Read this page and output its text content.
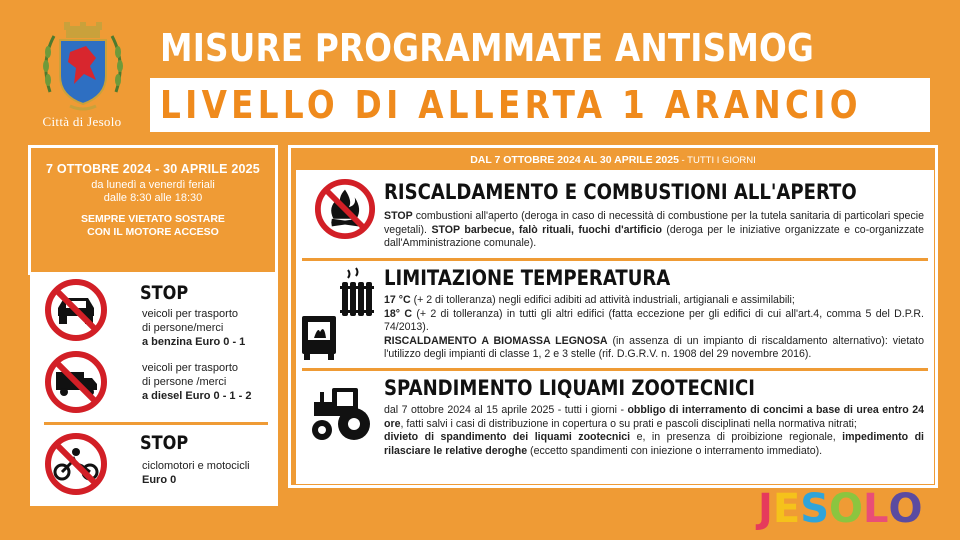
Città di Jesolo
MISURE PROGRAMMATE ANTISMOG
LIVELLO DI ALLERTA 1 ARANCIO
7 OTTOBRE 2024 - 30 APRILE 2025
da lunedì a venerdì feriali
dalle 8:30 alle 18:30
SEMPRE VIETATO SOSTARE
CON IL MOTORE ACCESO
STOP
veicoli per trasporto
di persone/merci
a benzina Euro 0 - 1
veicoli per trasporto
di persone /merci
a diesel Euro 0 - 1 - 2
STOP
ciclomotori e motocicli
Euro 0
DAL 7 OTTOBRE 2024 AL 30 APRILE 2025 - TUTTI I GIORNI
RISCALDAMENTO E COMBUSTIONI ALL'APERTO
STOP combustioni all'aperto (deroga in caso di necessità di combustione per la tutela sanitaria di particolari specie vegetali). STOP barbecue, falò rituali, fuochi d'artificio (deroga per le iniziative organizzate e co-organizzate dall'Amministrazione comunale).
LIMITAZIONE TEMPERATURA
17 °C (+ 2 di tolleranza) negli edifici adibiti ad attività industriali, artigianali e assimilabili;
18° C (+ 2 di tolleranza) in tutti gli altri edifici (fatta eccezione per gli edifici di cui all'art.4, comma 5 del D.P.R. 74/2013).
RISCALDAMENTO A BIOMASSA LEGNOSA (in assenza di un impianto di riscaldamento alternativo): vietato l'utilizzo degli impianti di classe 1, 2 e 3 stelle (rif. D.G.R.V. n. 1908 del 29 novembre 2016).
SPANDIMENTO LIQUAMI ZOOTECNICI
dal 7 ottobre 2024 al 15 aprile 2025 - tutti i giorni - obbligo di interramento di concimi a base di urea entro 24 ore, fatti salvi i casi di distribuzione in copertura o su prati e pascoli disciplinati nella normativa nitrati;
divieto di spandimento dei liquami zootecnici e, in presenza di proibizione regionale, impedimento di rilasciare le relative deroghe (eccetto spandimenti con iniezione o interramento immediato).
JESOLO
